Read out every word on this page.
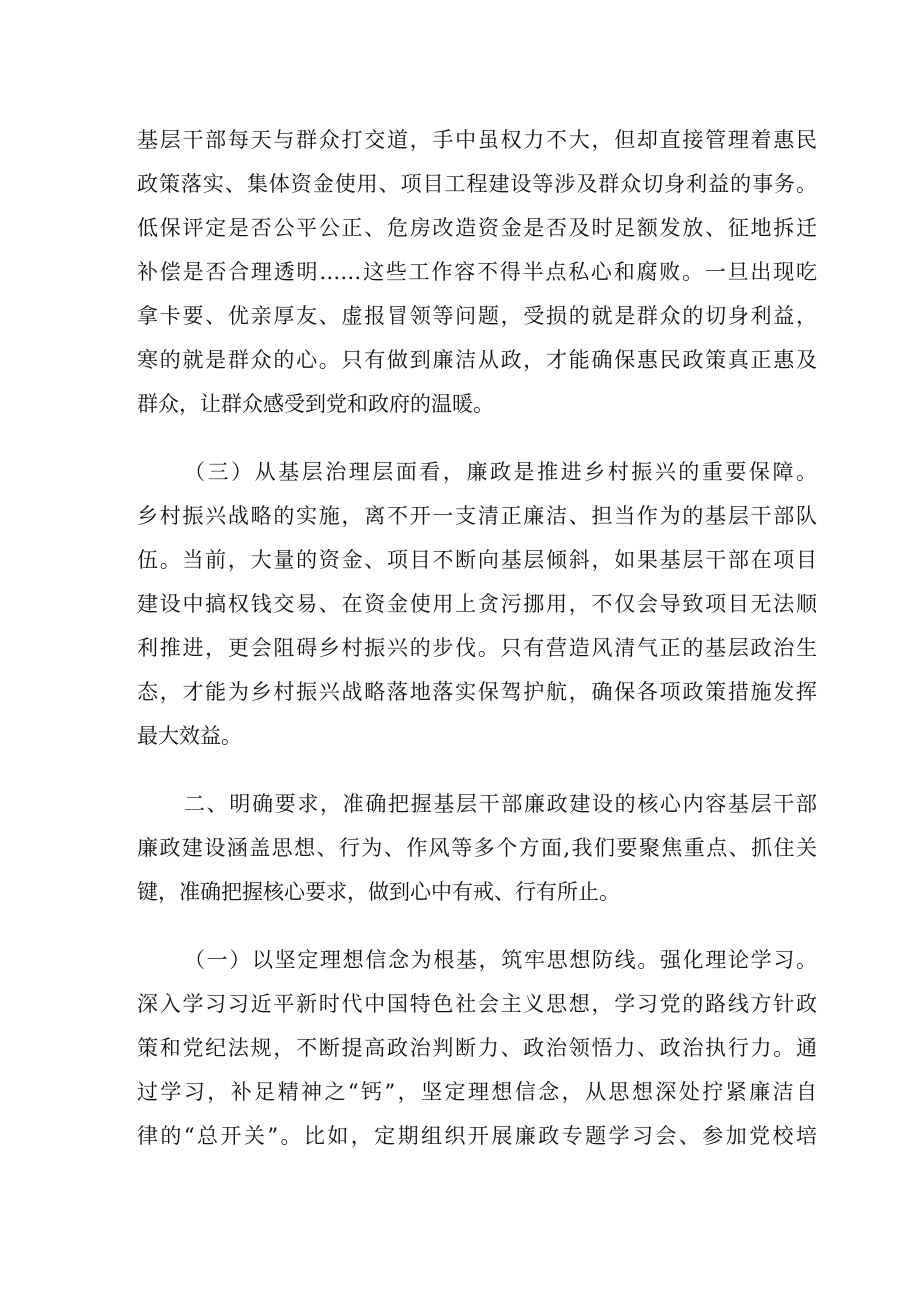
基层干部每天与群众打交道，手中虽权力不大，但却直接管理着惠民
政策落实、集体资金使用、项目工程建设等涉及群众切身利益的事务。
低保评定是否公平公正、危房改造资金是否及时足额发放、征地拆迁
补偿是否合理透明……这些工作容不得半点私心和腐败。一旦出现吃
拿卡要、优亲厚友、虚报冒领等问题，受损的就是群众的切身利益，
寒的就是群众的心。只有做到廉洁从政，才能确保惠民政策真正惠及
群众，让群众感受到党和政府的温暖。
（三）从基层治理层面看，廉政是推进乡村振兴的重要保障。
乡村振兴战略的实施，离不开一支清正廉洁、担当作为的基层干部队
伍。当前，大量的资金、项目不断向基层倾斜，如果基层干部在项目
建设中搞权钱交易、在资金使用上贪污挪用，不仅会导致项目无法顺
利推进，更会阻碍乡村振兴的步伐。只有营造风清气正的基层政治生
态，才能为乡村振兴战略落地落实保驾护航，确保各项政策措施发挥
最大效益。
二、明确要求，准确把握基层干部廉政建设的核心内容基层干部
廉政建设涵盖思想、行为、作风等多个方面,我们要聚焦重点、抓住关
键，准确把握核心要求，做到心中有戒、行有所止。
（一）以坚定理想信念为根基，筑牢思想防线。强化理论学习。
深入学习习近平新时代中国特色社会主义思想，学习党的路线方针政
策和党纪法规，不断提高政治判断力、政治领悟力、政治执行力。通
过学习，补足精神之“钙”，坚定理想信念，从思想深处拧紧廉洁自
律的“总开关”。比如，定期组织开展廉政专题学习会、参加党校培
